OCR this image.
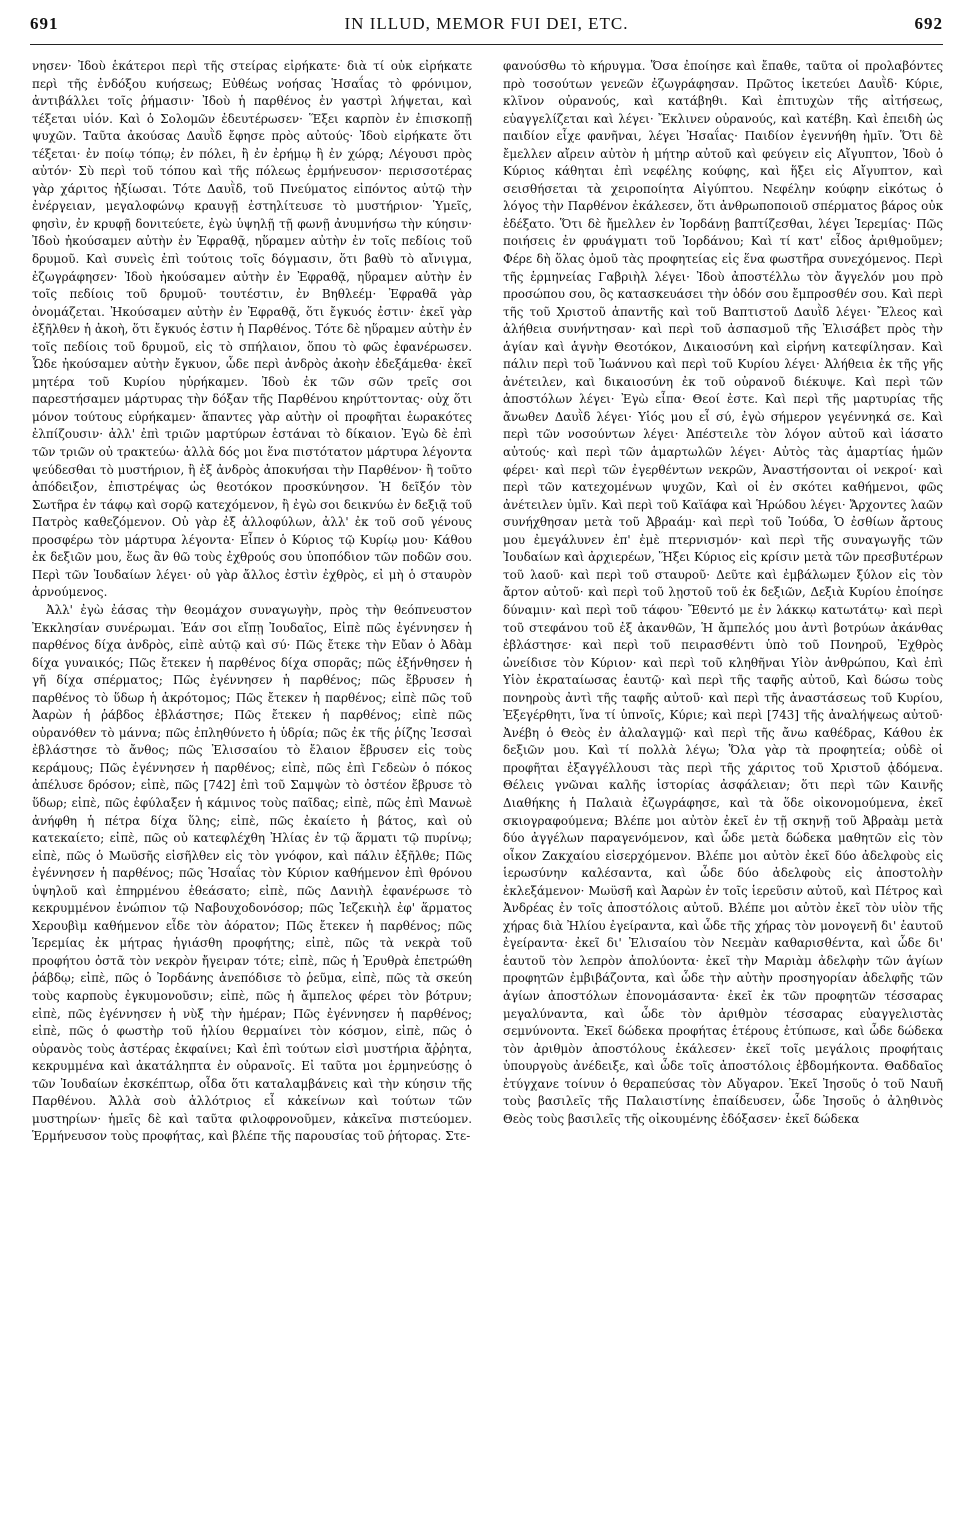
691	IN ILLUD, MEMOR FUI DEI, ETC.	692

νησεν· Ἰδοὺ ἑκάτεροι περὶ τῆς στείρας εἰρήκατε· διὰ τί οὐκ εἰρήκατε περὶ τῆς ἐνδόξου κυήσεως; Εὐθέως νοήσας Ἡσαΐας τὸ φρόνιμον, ἀντιβάλλει τοῖς ῥήμασιν· Ἰδοὺ ἡ παρθένος ἐν γαστρὶ λήψεται, καὶ τέξεται υἱόν. Καὶ ὁ Σολομῶν ἐδευτέρωσεν· Ἕξει καρπὸν ἐν ἐπισκοπῇ ψυχῶν. Ταῦτα ἀκούσας Δαυῒδ ἔφησε πρὸς αὐτούς· Ἰδοὺ εἰρήκατε ὅτι τέξεται· ἐν ποίῳ τόπῳ; ἐν πόλει, ἢ ἐν ἐρήμῳ ἢ ἐν χώρᾳ; Λέγουσι πρὸς αὐτόν· Σὺ περὶ τοῦ τόπου καὶ τῆς πόλεως ἑρμήνευσον· περισσοτέρας γὰρ χάριτος ἠξίωσαι. Τότε Δαυῒδ, τοῦ Πνεύματος εἰπόντος αὐτῷ τὴν ἐνέργειαν, μεγαλοφώνῳ κραυγῇ ἐστηλίτευσε τὸ μυστήριον· Ὑμεῖς, φησὶν, ἐν κρυφῇ δονιτεύετε, ἐγὼ ὑψηλῇ τῇ φωνῇ ἀνυμνήσω τὴν κύησιν· Ἰδοὺ ἠκούσαμεν αὐτὴν ἐν Ἐφραθᾷ, ηὕραμεν αὐτὴν ἐν τοῖς πεδίοις τοῦ δρυμοῦ. Καὶ συνεὶς ἐπὶ τούτοις τοῖς δόγμασιν, ὅτι βαθὺ τὸ αἴνιγμα, ἐζωγράφησεν· Ἰδοὺ ἠκούσαμεν αὐτὴν ἐν Ἐφραθᾷ, ηὕραμεν αὐτὴν ἐν τοῖς πεδίοις τοῦ δρυμοῦ· τουτέστιν, ἐν Βηθλεέμ· Ἐφραθᾶ γὰρ ὀνομάζεται. Ἠκούσαμεν αὐτὴν ἐν Ἐφραθᾷ, ὅτι ἔγκυός ἐστιν· ἐκεῖ γὰρ ἐξῆλθεν ἡ ἀκοὴ, ὅτι ἔγκυός ἐστιν ἡ Παρθένος. Τότε δὲ ηὕραμεν αὐτὴν ἐν τοῖς πεδίοις τοῦ δρυμοῦ, εἰς τὸ σπήλαιον, ὅπου τὸ φῶς ἐφανέρωσεν. Ὧδε ἠκούσαμεν αὐτὴν ἔγκυον, ὧδε περὶ ἀνδρὸς ἀκοὴν ἐδεξάμεθα· ἐκεῖ μητέρα τοῦ Κυρίου ηὑρήκαμεν. Ἰδοὺ ἐκ τῶν σῶν τρεῖς σοι παρεστήσαμεν μάρτυρας τὴν δόξαν τῆς Παρθένου κηρύττοντας· οὐχ ὅτι μόνον τούτους εὑρήκαμεν· ἅπαντες γὰρ αὐτὴν οἱ προφῆται ἑωρακότες ἐλπίζουσιν· ἀλλ' ἐπὶ τριῶν μαρτύρων ἑστάναι τὸ δίκαιον. Ἐγὼ δὲ ἐπὶ τῶν τριῶν οὐ τρακτεύω· ἀλλὰ δός μοι ἕνα πιστότατον μάρτυρα λέγοντα ψεύδεσθαι τὸ μυστήριον, ἢ ἐξ ἀνδρὸς ἀποκυήσαι τὴν Παρθένον· ἢ τοῦτο ἀπόδειξον, ἐπιστρέψας ὡς θεοτόκον προσκύνησον. Ἡ δεῖξόν τὸν Σωτῆρα ἐν τάφῳ καὶ σορῷ κατεχόμενον, ἢ ἐγὼ σοι δεικνύω ἐν δεξιᾷ τοῦ Πατρὸς καθεζόμενον. Οὐ γὰρ ἐξ ἀλλοφύλων, ἀλλ' ἐκ τοῦ σοῦ γένους προσφέρω τὸν μάρτυρα λέγοντα· Εἶπεν ὁ Κύριος τῷ Κυρίῳ μου· Κάθου ἐκ δεξιῶν μου, ἕως ἂν θῶ τοὺς ἐχθρούς σου ὑποπόδιον τῶν ποδῶν σου. Περὶ τῶν Ἰουδαίων λέγει· οὐ γὰρ ἄλλος ἐστὶν ἐχθρὸς, εἰ μὴ ὁ σταυρὸν ἀρνούμενος.

Ἀλλ' ἐγὼ ἐάσας τὴν θεομάχον συναγωγὴν, πρὸς τὴν θεόπνευστον Ἐκκλησίαν συνέρωμαι. Ἐάν σοι εἴπῃ Ἰουδαῖος, Εἰπὲ πῶς ἐγέννησεν ἡ παρθένος δίχα ἀνδρὸς, εἰπὲ αὐτῷ καὶ σύ· Πῶς ἔτεκε τὴν Εὔαν ὁ Ἀδὰμ δίχα γυναικός; Πῶς ἔτεκεν ἡ παρθένος δίχα σπορᾶς; πῶς ἐξήνθησεν ἡ γῆ δίχα σπέρματος; Πῶς ἐγέννησεν ἡ παρθένος; πῶς ἔβρυσεν ἡ παρθένος τὸ ὕδωρ ἡ ἀκρότομος; Πῶς ἔτεκεν ἡ παρθένος; εἰπὲ πῶς τοῦ Ἀαρὼν ἡ ῥάβδος ἐβλάστησε; Πῶς ἔτεκεν ἡ παρθένος; εἰπὲ πῶς οὐρανόθεν τὸ μάννα; πῶς ἐπληθύνετο ἡ ὑδρία; πῶς ἐκ τῆς ῥίζης Ἰεσσαὶ ἐβλάστησε τὸ ἄνθος; πῶς Ἐλισσαίου τὸ ἔλαιον ἔβρυσεν εἰς τοὺς κεράμους; Πῶς ἐγέννησεν ἡ παρθένος; εἰπὲ, πῶς ἐπὶ Γεδεὼν ὁ πόκος ἀπέλυσε δρόσον; εἰπὲ, πῶς [742] ἐπὶ τοῦ Σαμψὼν τὸ ὀστέον ἔβρυσε τὸ ὕδωρ; εἰπὲ, πῶς ἐφύλαξεν ἡ κάμινος τοὺς παῖδας; εἰπὲ, πῶς ἐπὶ Μανωὲ ἀνήφθη ἡ πέτρα δίχα ὕλης; εἰπὲ, πῶς ἐκαίετο ἡ βάτος, καὶ οὐ κατεκαίετο; εἰπὲ, πῶς οὐ κατεφλέχθη Ἠλίας ἐν τῷ ἅρματι τῷ πυρίνῳ; εἰπὲ, πῶς ὁ Μωϋσῆς εἰσῆλθεν εἰς τὸν γνόφον, καὶ πάλιν ἐξῆλθε; Πῶς ἐγέννησεν ἡ παρθένος; πῶς Ἡσαΐας τὸν Κύριον καθήμενον ἐπὶ θρόνου ὑψηλοῦ καὶ ἐπηρμένου ἐθεάσατο; εἰπὲ, πῶς Δανιὴλ ἐφανέρωσε τὸ κεκρυμμένον ἐνώπιον τῷ Ναβουχοδονόσορ; πῶς Ἰεζεκιὴλ ἐφ' ἅρματος Χερουβὶμ καθήμενον εἶδε τὸν ἀόρατον; Πῶς ἔτεκεν ἡ παρθένος; πῶς Ἱερεμίας ἐκ μήτρας ἡγιάσθη προφήτης; εἰπὲ, πῶς τὰ νεκρὰ τοῦ προφήτου ὀστᾶ τὸν νεκρὸν ἤγειραν τότε; εἰπὲ, πῶς ἡ Ἐρυθρὰ ἐπετρώθη ῥάβδῳ; εἰπὲ, πῶς ὁ Ἰορδάνης ἀνεπόδισε τὸ ῥεῦμα, εἰπὲ, πῶς τὰ σκεύη τοὺς καρποὺς ἐγκυμονοῦσιν; εἰπὲ, πῶς ἡ ἄμπελος φέρει τὸν βότρυν; εἰπὲ, πῶς ἐγέννησεν ἡ νὺξ τὴν ἡμέραν; Πῶς ἐγέννησεν ἡ παρθένος; εἰπὲ, πῶς ὁ φωστὴρ τοῦ ἡλίου θερμαίνει τὸν κόσμον, εἰπὲ, πῶς ὁ οὐρανὸς τοὺς ἀστέρας ἐκφαίνει; Καὶ ἐπὶ τούτων εἰσὶ μυστήρια ἄῤῥητα, κεκρυμμένα καὶ ἀκατάληπτα ἐν οὐρανοῖς. Εἰ ταῦτα μοι ἑρμηνεύσῃς ὁ τῶν Ἰουδαίων ἐκσκέπτωρ, οἶδα ὅτι καταλαμβάνεις καὶ τὴν κύησιν τῆς Παρθένου. Ἀλλὰ σοὺ ἀλλότριος εἶ κἀκείνων καὶ τούτων τῶν μυστηρίων· ἡμεῖς δὲ καὶ ταῦτα φιλοφρονοῦμεν, κἀκεῖνα πιστεύομεν. Ἑρμήνευσον τοὺς προφήτας, καὶ βλέπε τῆς παρουσίας τοῦ ῥήτορας. Στε-

φανούσθω τὸ κήρυγμα. Ὅσα ἐποίησε καὶ ἔπαθε, ταῦτα οἱ προλαβόντες πρὸ τοσούτων γενεῶν ἐζωγράφησαν. Πρῶτος ἱκετεύει Δαυῒδ· Κύριε, κλῖνον οὐρανούς, καὶ κατάβηθι. Καὶ ἐπιτυχὼν τῆς αἰτήσεως, εὐαγγελίζεται καὶ λέγει· Ἔκλινεν οὐρανούς, καὶ κατέβη. Καὶ ἐπειδὴ ὡς παιδίον εἶχε φανῆναι, λέγει Ἡσαΐας· Παιδίον ἐγεννήθη ἡμῖν. Ὅτι δὲ ἔμελλεν αἴρειν αὐτὸν ἡ μήτηρ αὐτοῦ καὶ φεύγειν εἰς Αἴγυπτον, Ἰδοὺ ὁ Κύριος κάθηται ἐπὶ νεφέλης κούφης, καὶ ἥξει εἰς Αἴγυπτον, καὶ σεισθήσεται τὰ χειροποίητα Αἰγύπτου. Νεφέλην κούφην εἰκότως ὁ λόγος τὴν Παρθένον ἐκάλεσεν, ὅτι ἀνθρωποποιοῦ σπέρματος βάρος οὐκ ἐδέξατο. Ὅτι δὲ ἤμελλεν ἐν Ἰορδάνῃ βαπτίζεσθαι, λέγει Ἱερεμίας· Πῶς ποιήσεις ἐν φρυάγματι τοῦ Ἰορδάνου; Καὶ τί κατ' εἶδος ἀριθμοῦμεν; Φέρε δὴ ὅλας ὁμοῦ τὰς προφητείας εἰς ἕνα φωστῆρα συνεχόμενος. Περὶ τῆς ἑρμηνείας Γαβριὴλ λέγει· Ἰδοὺ ἀποστέλλω τὸν ἄγγελόν μου πρὸ προσώπου σου, ὃς κατασκευάσει τὴν ὁδόν σου ἔμπροσθέν σου. Καὶ περὶ τῆς τοῦ Χριστοῦ ἀπαντῆς καὶ τοῦ Βαπτιστοῦ Δαυῒδ λέγει· Ἔλεος καὶ ἀλήθεια συνήντησαν· καὶ περὶ τοῦ ἀσπασμοῦ τῆς Ἐλισάβετ πρὸς τὴν ἁγίαν καὶ ἁγνὴν Θεοτόκον, Δικαιοσύνη καὶ εἰρήνη κατεφίλησαν. Καὶ πάλιν περὶ τοῦ Ἰωάννου καὶ περὶ τοῦ Κυρίου λέγει· Ἀλήθεια ἐκ τῆς γῆς ἀνέτειλεν, καὶ δικαιοσύνη ἐκ τοῦ οὐρανοῦ διέκυψε. Καὶ περὶ τῶν ἀποστόλων λέγει· Ἐγὼ εἶπα· Θεοί ἐστε. Καὶ περὶ τῆς μαρτυρίας τῆς ἄνωθεν Δαυῒδ λέγει· Υἱός μου εἶ σύ, ἐγὼ σήμερον γεγέννηκά σε. Καὶ περὶ τῶν νοσούντων λέγει· Ἀπέστειλε τὸν λόγον αὐτοῦ καὶ ἰάσατο αὐτούς· καὶ περὶ τῶν ἁμαρτωλῶν λέγει· Αὐτὸς τὰς ἁμαρτίας ἡμῶν φέρει· καὶ περὶ τῶν ἐγερθέντων νεκρῶν, Ἀναστήσονται οἱ νεκροί· καὶ περὶ τῶν κατεχομένων ψυχῶν, Καὶ οἱ ἐν σκότει καθήμενοι, φῶς ἀνέτειλεν ὑμῖν. Καὶ περὶ τοῦ Καϊάφα καὶ Ἡρώδου λέγει· Ἄρχοντες λαῶν συνήχθησαν μετὰ τοῦ Ἀβραάμ· καὶ περὶ τοῦ Ἰούδα, Ὁ ἐσθίων ἄρτους μου ἐμεγάλυνεν ἐπ' ἐμὲ πτερνισμόν· καὶ περὶ τῆς συναγωγῆς τῶν Ἰουδαίων καὶ ἀρχιερέων, Ἥξει Κύριος εἰς κρίσιν μετὰ τῶν πρεσβυτέρων τοῦ λαοῦ· καὶ περὶ τοῦ σταυροῦ· Δεῦτε καὶ ἐμβάλωμεν ξύλον εἰς τὸν ἄρτον αὐτοῦ· καὶ περὶ τοῦ λῃστοῦ τοῦ ἐκ δεξιῶν, Δεξιὰ Κυρίου ἐποίησε δύναμιν· καὶ περὶ τοῦ τάφου· Ἔθεντό με ἐν λάκκῳ κατωτάτῳ· καὶ περὶ τοῦ στεφάνου τοῦ ἐξ ἀκανθῶν, Ἡ ἄμπελός μου ἀντὶ βοτρύων ἀκάνθας ἐβλάστησε· καὶ περὶ τοῦ πειρασθέντι ὑπὸ τοῦ Πονηροῦ, Ἐχθρὸς ὠνείδισε τὸν Κύριον· καὶ περὶ τοῦ κληθῆναι Υἱὸν ἀνθρώπου, Καὶ ἐπὶ Υἱὸν ἐκραταίωσας ἑαυτῷ· καὶ περὶ τῆς ταφῆς αὐτοῦ, Καὶ δώσω τοὺς πονηροὺς ἀντὶ τῆς ταφῆς αὐτοῦ· καὶ περὶ τῆς ἀναστάσεως τοῦ Κυρίου, Ἐξεγέρθητι, ἵνα τί ὑπνοῖς, Κύριε; καὶ περὶ [743] τῆς ἀναλήψεως αὐτοῦ· Ἀνέβη ὁ Θεὸς ἐν ἀλαλαγμῷ· καὶ περὶ τῆς ἄνω καθέδρας, Κάθου ἐκ δεξιῶν μου. Καὶ τί πολλὰ λέγω; Ὅλα γὰρ τὰ προφητεία; οὐδὲ οἱ προφῆται ἐξαγγέλλουσι τὰς περὶ τῆς χάριτος τοῦ Χριστοῦ ᾀδόμενα. Θέλεις γνῶναι καλῆς ἱστορίας ἀσφάλειαν; ὅτι περὶ τῶν Καινῆς Διαθήκης ἡ Παλαιὰ ἐζωγράφησε, καὶ τὰ ὅδε οἰκονομούμενα, ἐκεῖ σκιογραφούμενα; Βλέπε μοι αὐτὸν ἐκεῖ ἐν τῇ σκηνῇ τοῦ Ἀβραὰμ μετὰ δύο ἀγγέλων παραγενόμενον, καὶ ὧδε μετὰ δώδεκα μαθητῶν εἰς τὸν οἶκον Ζακχαίου εἰσερχόμενον. Βλέπε μοι αὐτὸν ἐκεῖ δύο ἀδελφοὺς εἰς ἱερωσύνην καλέσαντα, καὶ ὧδε δύο ἀδελφοὺς εἰς ἀποστολὴν ἐκλεξάμενον· Μωϋσῆ καὶ Ἀαρὼν ἐν τοῖς ἱερεῦσιν αὐτοῦ, καὶ Πέτρος καὶ Ἀνδρέας ἐν τοῖς ἀποστόλοις αὐτοῦ. Βλέπε μοι αὐτὸν ἐκεῖ τὸν υἱὸν τῆς χήρας διὰ Ἠλίου ἐγείραντα, καὶ ὧδε τῆς χήρας τὸν μονογενῆ δι' ἑαυτοῦ ἐγείραντα· ἐκεῖ δι' Ἐλισαίου τὸν Νεεμὰν καθαρισθέντα, καὶ ὧδε δι' ἑαυτοῦ τὸν λεπρὸν ἀπολύοντα· ἐκεῖ τὴν Μαριὰμ ἀδελφὴν τῶν ἁγίων προφητῶν ἐμβιβάζοντα, καὶ ὧδε τὴν αὐτὴν προσηγορίαν ἀδελφῆς τῶν ἁγίων ἀποστόλων ἐπονομάσαντα· ἐκεῖ ἐκ τῶν προφητῶν τέσσαρας μεγαλύναντα, καὶ ὧδε τὸν ἀριθμὸν τέσσαρας εὐαγγελιστὰς σεμνύνοντα. Ἐκεῖ δώδεκα προφήτας ἑτέρους ἐτύπωσε, καὶ ὧδε δώδεκα τὸν ἀριθμὸν ἀποστόλους ἐκάλεσεν· ἐκεῖ τοῖς μεγάλοις προφήταις ὑπουργοὺς ἀνέδειξε, καὶ ὧδε τοῖς ἀποστόλοις ἑβδομήκοντα. Θαδδαῖος ἐτύγχανε τοίνυν ὁ θεραπεύσας τὸν Αὔγαρον. Ἐκεῖ Ἰησοῦς ὁ τοῦ Ναυῆ τοὺς βασιλεῖς τῆς Παλαιστίνης ἐπαίδευσεν, ὧδε Ἰησοῦς ὁ ἀληθινὸς Θεὸς τοὺς βασιλεῖς τῆς οἰκουμένης ἐδόξασεν· ἐκεῖ δώδεκα
